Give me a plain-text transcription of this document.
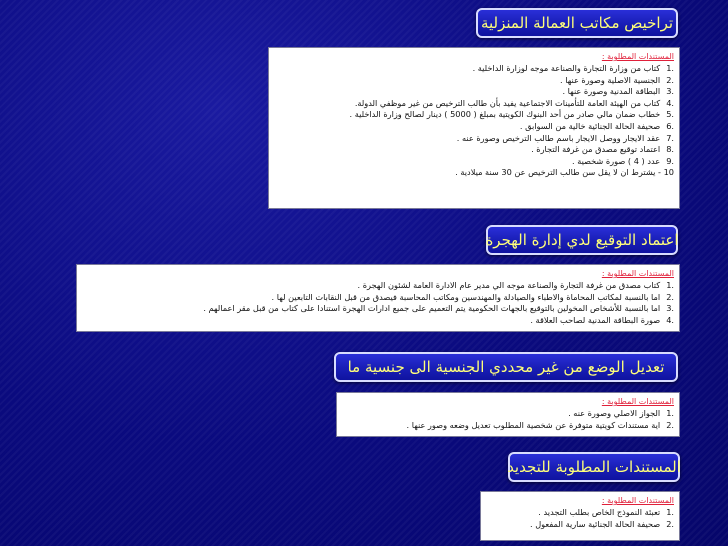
تراخيص مكاتب العمالة المنزلية
المستندات المطلوبة :
1.
كتاب من وزارة التجارة والصناعة موجه لوزارة الداخلية .
2.
الجنسية الاصلية وصورة عنها .
3.
البطاقة المدنية وصورة عنها .
4.
كتاب من الهيئة العامة للتأمينات الاجتماعية يفيد بأن طالب الترخيص من غير موظفي الدولة.
5.
خطاب ضمان مالي صادر من أحد البنوك الكويتية بمبلغ ( 5000 ) دينار لصالح وزارة الداخلية .
6.
صحيفة الحالة الجنائية خالية من السوابق .
7.
عقد الايجار ووصل الايجار باسم طالب الترخيص وصورة عنه .
8.
اعتماد توقيع مصدق من غرفة التجارة .
9.
عدد ( 4 ) صورة شخصية .
10 - يشترط ان لا يقل سن طالب الترخيص عن 30 سنة ميلادية .
اعتماد التوقيع لدي إدارة الهجرة
المستندات المطلوبة :
1.
كتاب مصدق من غرفة التجارة والصناعة موجه الي مدير عام الادارة العامة لشئون الهجرة .
2.
اما بالنسبة لمكاتب المحاماة والاطباء والصيادلة والمهندسين ومكاتب المحاسبة فيصدق من قبل النقابات التابعين لها .
3.
اما بالنسبة للأشخاص المخولين بالتوقيع بالجهات الحكومية يتم التعميم على جميع ادارات الهجرة استنادا على كتاب من قبل مقر اعمالهم .
4.
صورة البطاقة المدنية لصاحب العلاقة .
تعديل الوضع من غير محددي الجنسية الى جنسية ما
المستندات المطلوبة :
1.
الجواز الاصلي وصورة عنه .
2.
اية مستندات كويتية متوفرة عن شخصية المطلوب تعديل وضعه وصور عنها .
المستندات المطلوبة للتجديد
المستندات المطلوبة :
1.
تعبئة النموذج الخاص بطلب التجديد .
2.
صحيفة الحالة الجنائية سارية المفعول .
